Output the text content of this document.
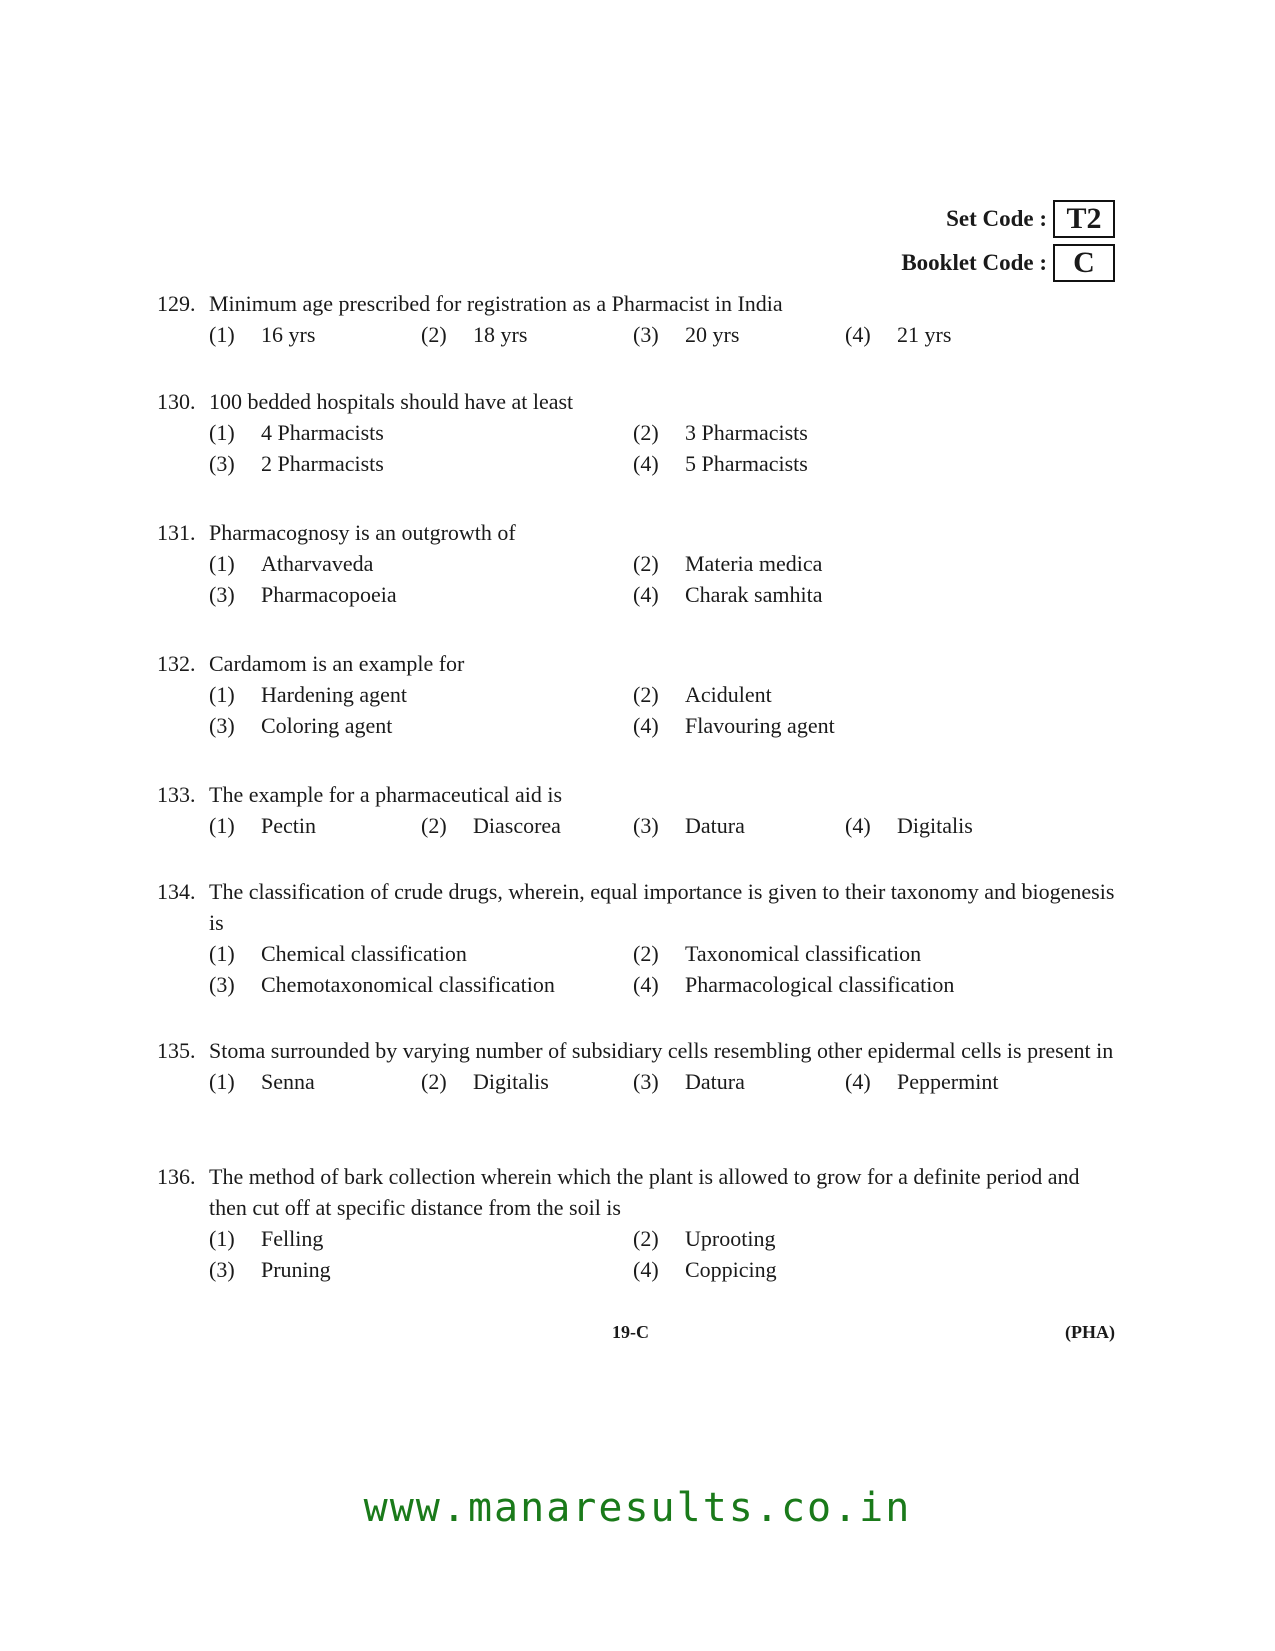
Set Code : T2
Booklet Code : C
129. Minimum age prescribed for registration as a Pharmacist in India
(1)	16 yrs	(2)	18 yrs	(3)	20 yrs	(4)	21 yrs
130. 100 bedded hospitals should have at least
(1)	4 Pharmacists	(2)	3 Pharmacists
(3)	2 Pharmacists	(4)	5 Pharmacists
131. Pharmacognosy is an outgrowth of
(1)	Atharvaveda	(2)	Materia medica
(3)	Pharmacopoeia	(4)	Charak samhita
132. Cardamom is an example for
(1)	Hardening agent	(2)	Acidulent
(3)	Coloring agent	(4)	Flavouring agent
133. The example for a pharmaceutical aid is
(1)	Pectin	(2)	Diascorea	(3)	Datura	(4)	Digitalis
134. The classification of crude drugs, wherein, equal importance is given to their taxonomy and biogenesis is
(1)	Chemical classification	(2)	Taxonomical classification
(3)	Chemotaxonomical classification	(4)	Pharmacological classification
135. Stoma surrounded by varying number of subsidiary cells resembling other epidermal cells is present in
(1)	Senna	(2)	Digitalis	(3)	Datura	(4)	Peppermint
136. The method of bark collection wherein which the plant is allowed to grow for a definite period and then cut off at specific distance from the soil is
(1)	Felling	(2)	Uprooting
(3)	Pruning	(4)	Coppicing
19-C	(PHA)
www.manaresults.co.in
